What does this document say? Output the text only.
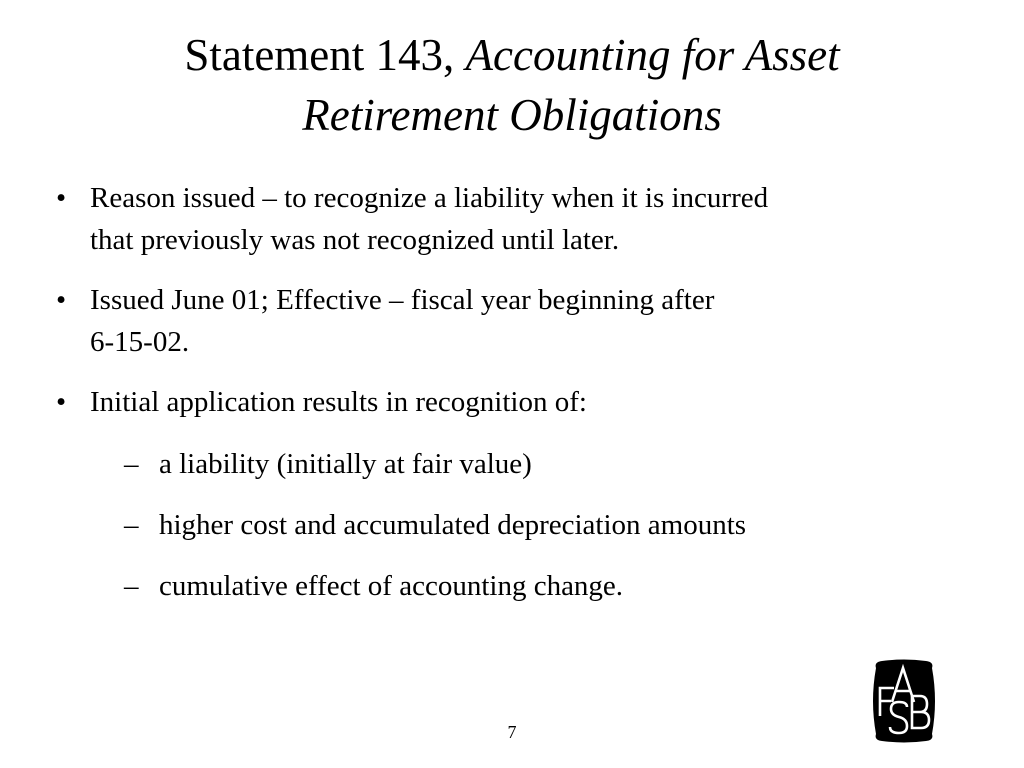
Statement 143, Accounting for Asset
Retirement Obligations
• Reason issued – to recognize a liability when it is incurred
that previously was not recognized until later.
• Issued June 01; Effective – fiscal year beginning after
6-15-02.
• Initial application results in recognition of:
– a liability (initially at fair value)
– higher cost and accumulated depreciation amounts
– cumulative effect of accounting change.
7
